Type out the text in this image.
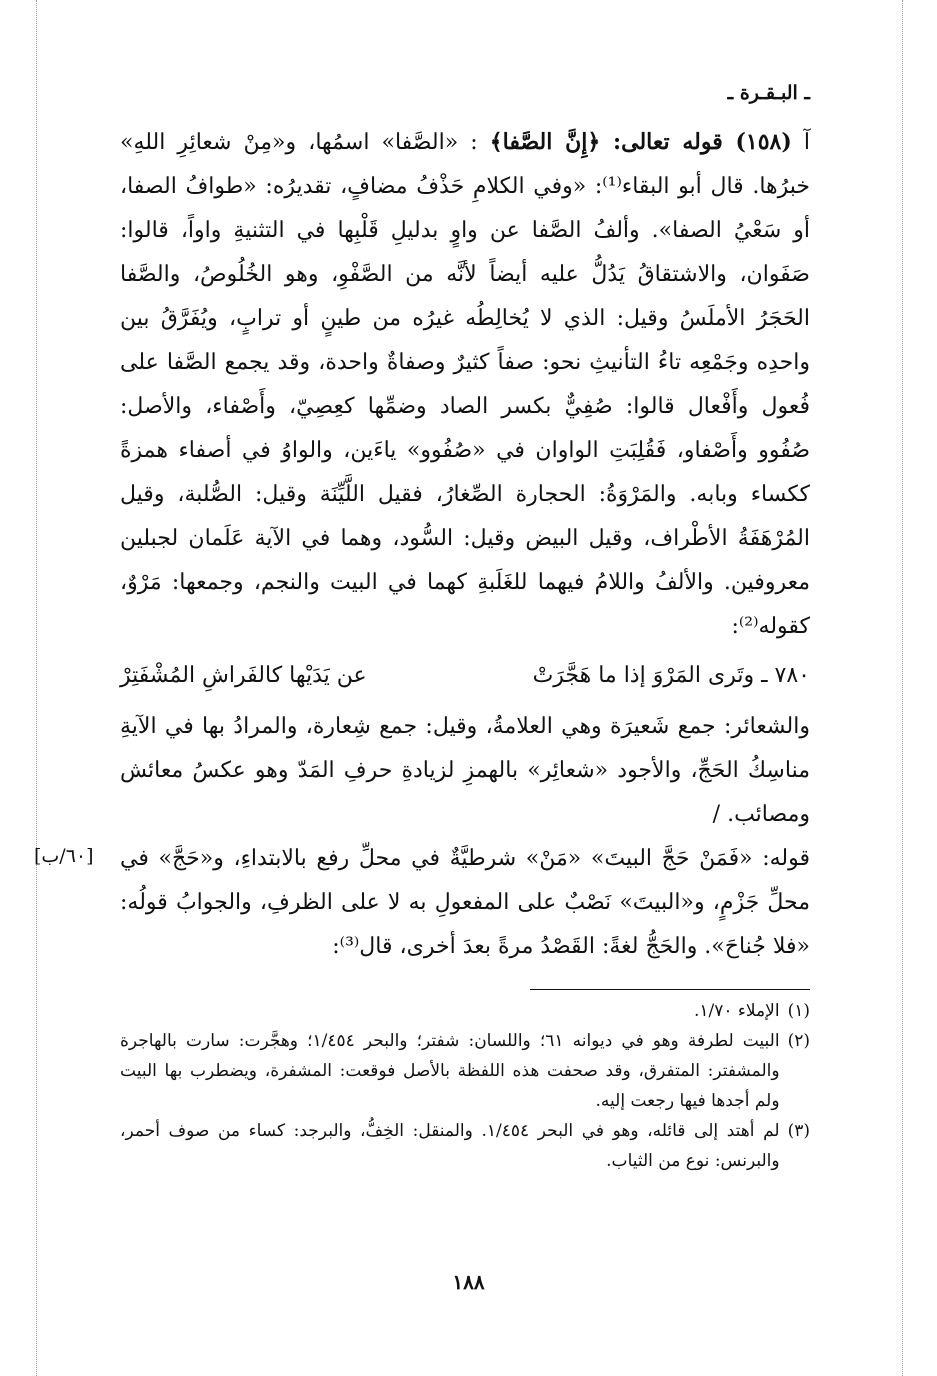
[٦٠/ب]
ـ البـقـرة ـ

آ (١٥٨) قوله تعالى: ﴿إِنَّ الصَّفا﴾ : «الصَّفا» اسمُها، و«مِنْ شعائِرِ اللهِ» خبرُها. قال أبو البقاء⁽¹⁾: «وفي الكلامِ حَذْفُ مضافٍ، تقديرُه: «طوافُ الصفا، أو سَعْيُ الصفا». وألفُ الصَّفا عن واوٍ بدليلِ قَلْبِها في التثنيةِ واواً، قالوا: صَفَوان، والاشتقاقُ يَدُلُّ عليه أيضاً لأنَّه من الصَّفْوِ، وهو الخُلُوصُ، والصَّفا الحَجَرُ الأملَسُ وقيل: الذي لا يُخالِطُه غيرُه من طينٍ أو ترابٍ، ويُفَرَّقُ بين واحدِه وجَمْعِه تاءُ التأنيثِ نحو: صفاً كثيرٌ وصفاةٌ واحدة، وقد يجمع الصَّفا على فُعول وأَفْعال قالوا: صُفِيٌّ بكسر الصاد وضمِّها كعِصِيّ، وأَصْفاء، والأصل: صُفُوو وأَصْفاو، فَقُلِبَتِ الواوان في «صُفُوو» ياءَين، والواوُ في أصفاء همزةً ككساء وبابه. والمَرْوَةُ: الحجارة الصِّغارُ، فقيل اللَّيِّنَة وقيل: الصُّلبة، وقيل المُرْهَفَةُ الأطْراف، وقيل البيض وقيل: السُّود، وهما في الآية عَلَمان لجبلين معروفين. والألفُ واللامُ فيهما للغَلَبةِ كهما في البيت والنجم، وجمعها: مَرْوٌ، كقوله⁽²⁾:

٧٨٠ ـ وتَرى المَرْوَ إذا ما هَجَّرَتْ
عن يَدَيْها كالفَراشِ المُشْفَتِرْ

والشعائر: جمع شَعيرَة وهي العلامةُ، وقيل: جمع شِعارة، والمرادُ بها في الآيةِ مناسِكُ الحَجِّ، والأجود «شعائِر» بالهمزِ لزيادةِ حرفِ المَدّ وهو عكسُ معائش ومصائب. /

قوله: «فَمَنْ حَجَّ البيتَ» «مَنْ» شرطيَّةٌ في محلِّ رفع بالابتداءِ، و«حَجَّ» في محلِّ جَزْمٍ، و«البيتَ» نَصْبٌ على المفعولِ به لا على الظرفِ، والجوابُ قولُه: «فلا جُناحَ». والحَجُّ لغةً: القَصْدُ مرةً بعدَ أخرى، قال⁽³⁾:

(١)
الإملاء ١/٧٠.
(٢)
البيت لطرفة وهو في ديوانه ٦١؛ واللسان: شفتر؛ والبحر ١/٤٥٤؛ وهجَّرت: سارت بالهاجرة والمشفتر: المتفرق، وقد صحفت هذه اللفظة بالأصل فوقعت: المشفرة، ويضطرب بها البيت ولم أجدها فيها رجعت إليه.
(٣)
لم أهتد إلى قائله، وهو في البحر ١/٤٥٤. والمنقل: الخِفُّ، والبرجد: كساء من صوف أحمر، والبرنس: نوع من الثياب.
١٨٨
